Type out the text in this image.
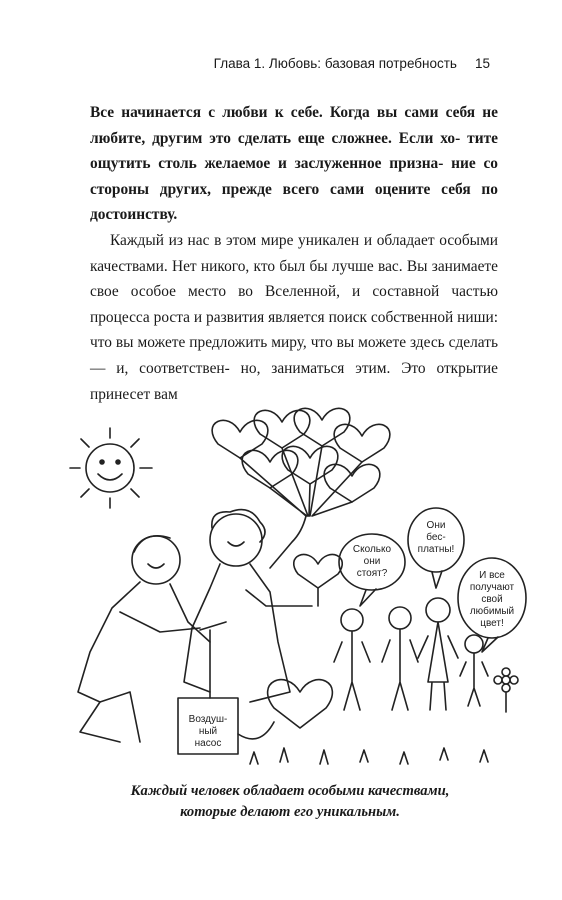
Глава 1. Любовь: базовая потребность 15

Все начинается с любви к себе. Когда вы сами себя не любите, другим это сделать еще сложнее. Если хо- тите ощутить столь желаемое и заслуженное призна- ние со стороны других, прежде всего сами оцените себя по достоинству.

Каждый из нас в этом мире уникален и обладает особыми качествами. Нет никого, кто был бы лучше вас. Вы занимаете свое особое место во Вселенной, и составной частью процесса роста и развития является поиск собственной ниши: что вы можете предложить миру, что вы можете здесь сделать — и, соответствен- но, заниматься этим. Это открытие принесет вам

Воздуш-
ный
насос
Сколько
они
стоят?
Они
бес-
платны!
И все
получают
свой
любимый
цвет!
Каждый человек обладает особыми качествами,
которые делают его уникальным.
